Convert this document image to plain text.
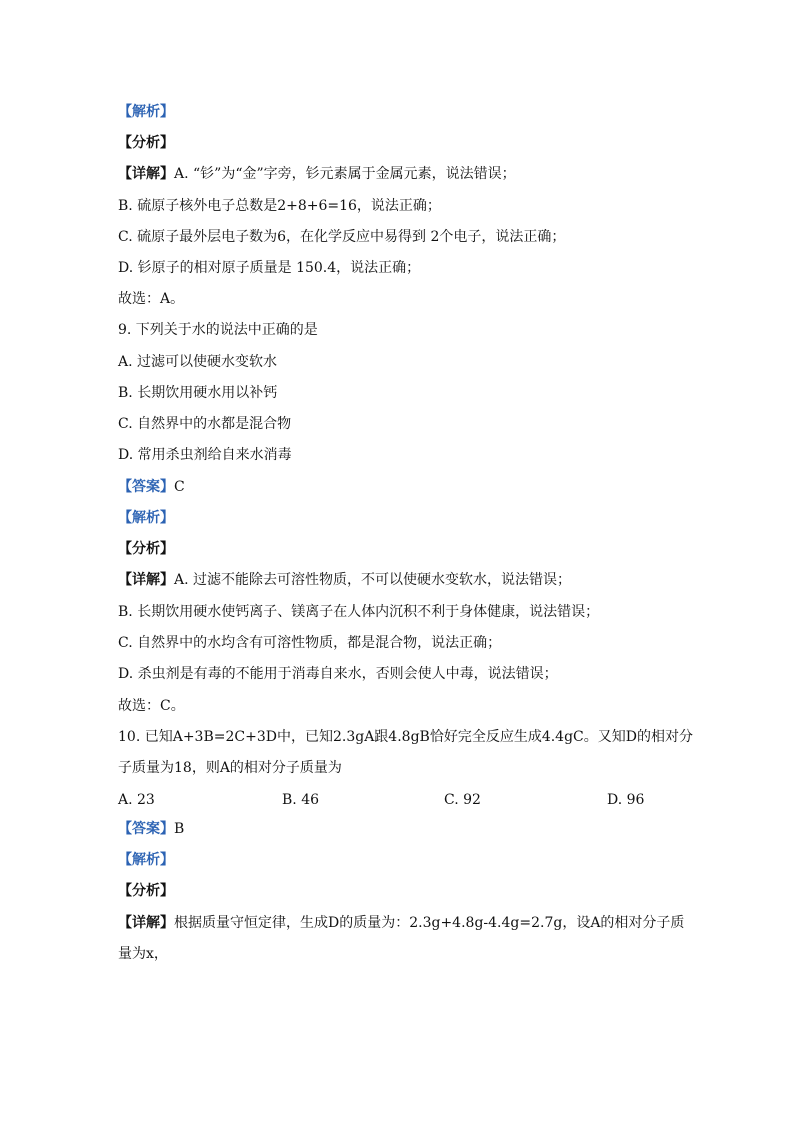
【解析】
【分析】
【详解】A. “钐”为“金”字旁，钐元素属于金属元素，说法错误；
B. 硫原子核外电子总数是2+8+6=16，说法正确；
C. 硫原子最外层电子数为6，在化学反应中易得到 2个电子，说法正确；
D. 钐原子的相对原子质量是 150.4，说法正确；
故选：A。
9. 下列关于水的说法中正确的是
A. 过滤可以使硬水变软水
B. 长期饮用硬水用以补钙
C. 自然界中的水都是混合物
D. 常用杀虫剂给自来水消毒
【答案】C
【解析】
【分析】
【详解】A. 过滤不能除去可溶性物质，不可以使硬水变软水，说法错误；
B. 长期饮用硬水使钙离子、镁离子在人体内沉积不利于身体健康，说法错误；
C. 自然界中的水均含有可溶性物质，都是混合物，说法正确；
D. 杀虫剂是有毒的不能用于消毒自来水，否则会使人中毒，说法错误；
故选：C。
10. 已知A+3B=2C+3D中，已知2.3gA跟4.8gB恰好完全反应生成4.4gC。又知D的相对分
子质量为18，则A的相对分子质量为
A. 23	B. 46	C. 92	D. 96
【答案】B
【解析】
【分析】
【详解】根据质量守恒定律，生成D的质量为：2.3g+4.8g-4.4g=2.7g，设A的相对分子质
量为x，
